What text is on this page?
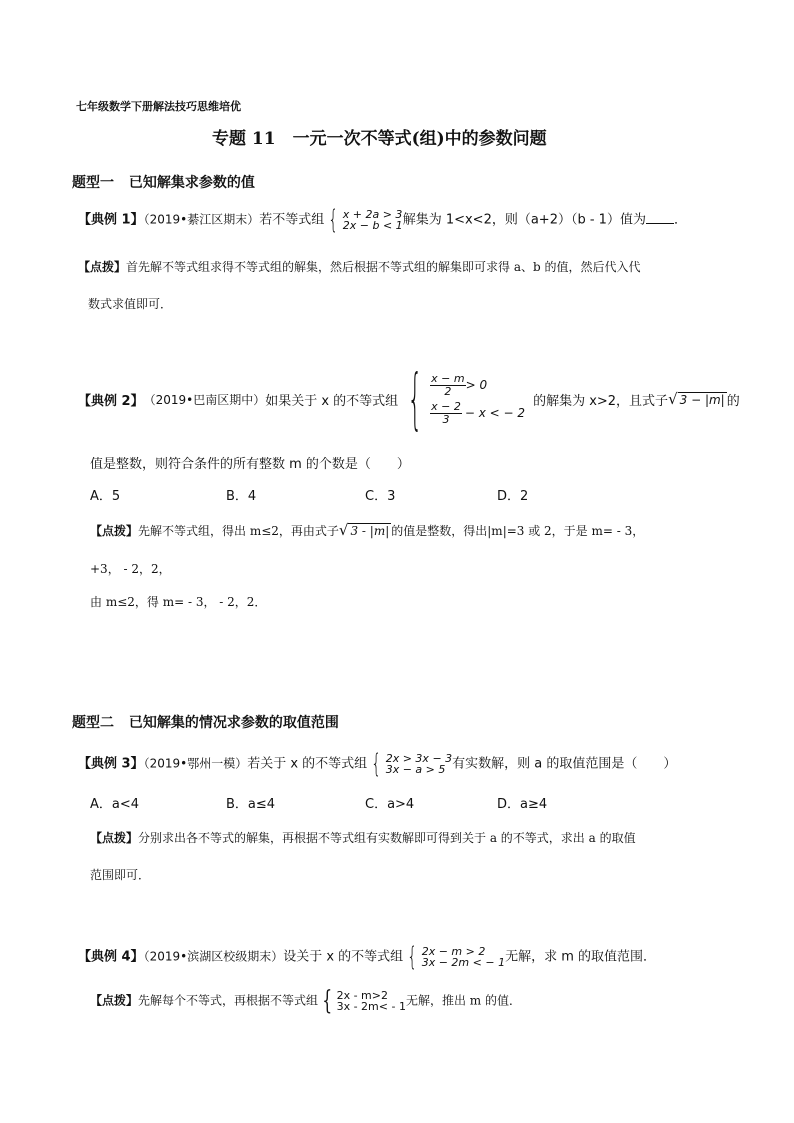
七年级数学下册解法技巧思维培优
专题 11　一元一次不等式(组)中的参数问题
题型一 已知解集求参数的值
【典例 1】（2019•綦江区期末）若不等式组 { x + 2a > 3
2x − b < 1 解集为 1<x<2，则（a+2）（b - 1）值为 ．
【点拨】首先解不等式组求得不等式组的解集，然后根据不等式组的解集即可求得 a、b 的值，然后代入代
数式求值即可．
【典例 2】 （2019•巴南区期中） 如果关于 x 的不等式组 { $\frac{x - m}{2} > 0$
$\frac{x - 2}{3} - x$ < − 2
的解集为 x>2，且式子 √ 3 − |m| 的
值是整数，则符合条件的所有整数 m 的个数是（　　）
A．5	B．4	C．3	D．2
【点拨】 先解不等式组，得出 m≤2，再由式子 √ 3 - |m| 的值是整数，得出|m|=3 或 2，于是 m= - 3，
+3， - 2，2，
由 m≤2，得 m= - 3， - 2，2．
题型二 已知解集的情况求参数的取值范围
【典例 3】（2019•鄂州一模）若关于 x 的不等式组 { 2x > 3x − 3
3x − a > 5 有实数解，则 a 的取值范围是（　　）
A．a<4	B．a≤4	C．a>4	D．a≥4
【点拨】分别求出各不等式的解集，再根据不等式组有实数解即可得到关于 a 的不等式，求出 a 的取值
范围即可．
【典例 4】（2019•滨湖区校级期末）设关于 x 的不等式组 { 2x − m > 2
3x − 2m < − 1 无解，求 m 的取值范围．
【点拨】先解每个不等式，再根据不等式组 { 2x - m>2
3x - 2m< - 1 无解，推出 m 的值．
